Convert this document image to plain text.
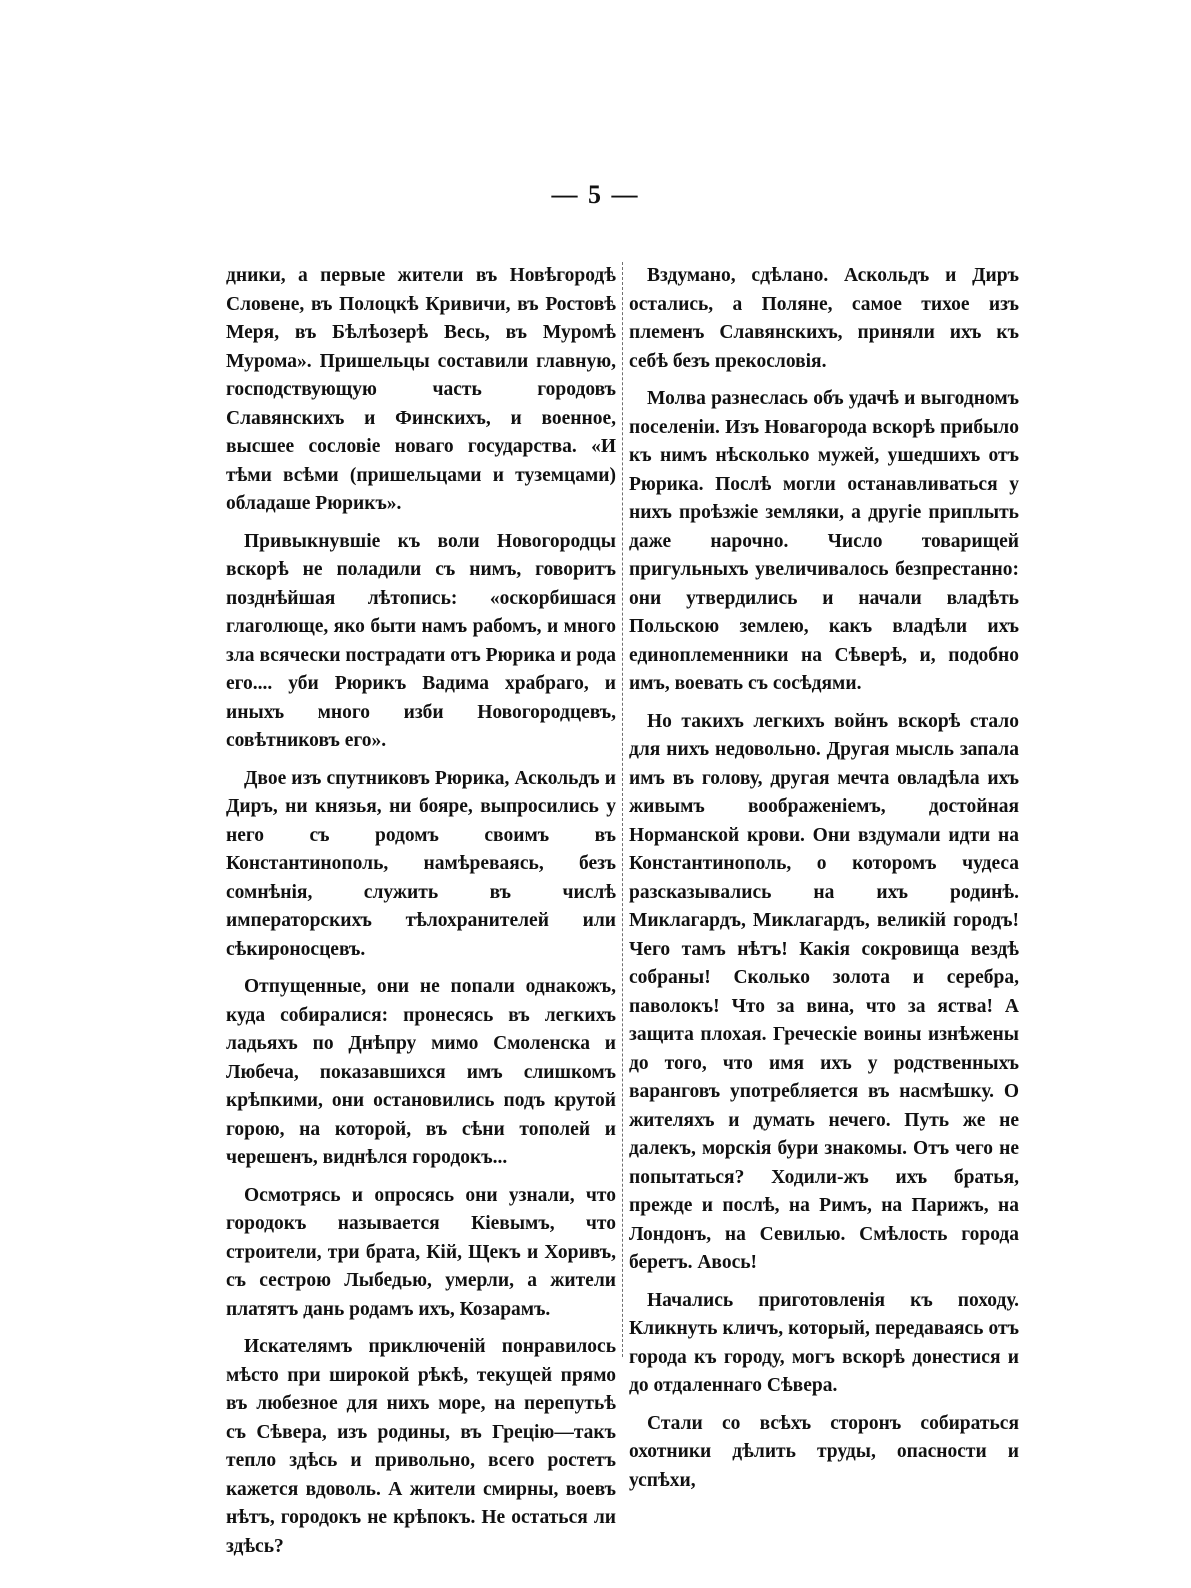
— 5 —

дники, а первые жители въ Новѣгородѣ Словене, въ Полоцкѣ Кривичи, въ Ростовѣ Меря, въ Бѣлѣозерѣ Весь, въ Муромѣ Мурома». Пришельцы составили главную, господствующую часть городовъ Славянскихъ и Финскихъ, и военное, высшее сословіе новаго государства. «И тѣми всѣми (пришельцами и туземцами) обладаше Рюрикъ».

Привыкнувшіе къ воли Новогородцы вскорѣ не поладили съ нимъ, говоритъ позднѣйшая лѣтопись: «оскорбишася глаголюще, яко быти намъ рабомъ, и много зла всячески пострадати отъ Рюрика и рода его.... уби Рюрикъ Вадима храбраго, и иныхъ много изби Новогородцевъ, совѣтниковъ его».

Двое изъ спутниковъ Рюрика, Аскольдъ и Диръ, ни князья, ни бояре, выпросились у него съ родомъ своимъ въ Константинополь, намѣреваясь, безъ сомнѣнія, служить въ числѣ императорскихъ тѣлохранителей или сѣкироносцевъ.

Отпущенные, они не попали однакожъ, куда собиралися: пронесясь въ легкихъ ладьяхъ по Днѣпру мимо Смоленска и Любеча, показавшихся имъ слишкомъ крѣпкими, они остановились подъ крутой горою, на которой, въ сѣни тополей и черешенъ, виднѣлся городокъ...

Осмотрясь и опросясь они узнали, что городокъ называется Кіевымъ, что строители, три брата, Кій, Щекъ и Хоривъ, съ сестрою Лыбедью, умерли, а жители платятъ дань родамъ ихъ, Козарамъ.

Искателямъ приключеній понравилось мѣсто при широкой рѣкѣ, текущей прямо въ любезное для нихъ море, на перепутьѣ съ Сѣвера, изъ родины, въ Грецію—такъ тепло здѣсь и привольно, всего ростетъ кажется вдоволь. А жители смирны, воевъ нѣтъ, городокъ не крѣпокъ. Не остаться ли здѣсь?

Вздумано, сдѣлано. Аскольдъ и Диръ остались, а Поляне, самое тихое изъ племенъ Славянскихъ, приняли ихъ къ себѣ безъ прекословія.

Молва разнеслась объ удачѣ и выгодномъ поселеніи. Изъ Новагорода вскорѣ прибыло къ нимъ нѣсколько мужей, ушедшихъ отъ Рюрика. Послѣ могли останавливаться у нихъ проѣзжіе земляки, а другіе приплыть даже нарочно. Число товарищей пригульныхъ увеличивалось безпрестанно: они утвердились и начали владѣть Польскою землею, какъ владѣли ихъ единоплеменники на Сѣверѣ, и, подобно имъ, воевать съ сосѣдями.

Но такихъ легкихъ войнъ вскорѣ стало для нихъ недовольно. Другая мысль запала имъ въ голову, другая мечта овладѣла ихъ живымъ воображеніемъ, достойная Норманской крови. Они вздумали идти на Константинополь, о которомъ чудеса разсказывались на ихъ родинѣ. Миклагардъ, Миклагардъ, великій городъ! Чего тамъ нѣтъ! Какія сокровища вездѣ собраны! Сколько золота и серебра, паволокъ! Что за вина, что за яства! А защита плохая. Греческіе воины изнѣжены до того, что имя ихъ у родственныхъ варанговъ употребляется въ насмѣшку. О жителяхъ и думать нечего. Путь же не далекъ, морскія бури знакомы. Отъ чего не попытаться? Ходили-жъ ихъ братья, прежде и послѣ, на Римъ, на Парижъ, на Лондонъ, на Севилью. Смѣлость города беретъ. Авось!

Начались приготовленія къ походу. Кликнуть кличъ, который, передаваясь отъ города къ городу, могъ вскорѣ донестися и до отдаленнаго Сѣвера.

Стали со всѣхъ сторонъ собираться охотники дѣлить труды, опасности и успѣхи,
